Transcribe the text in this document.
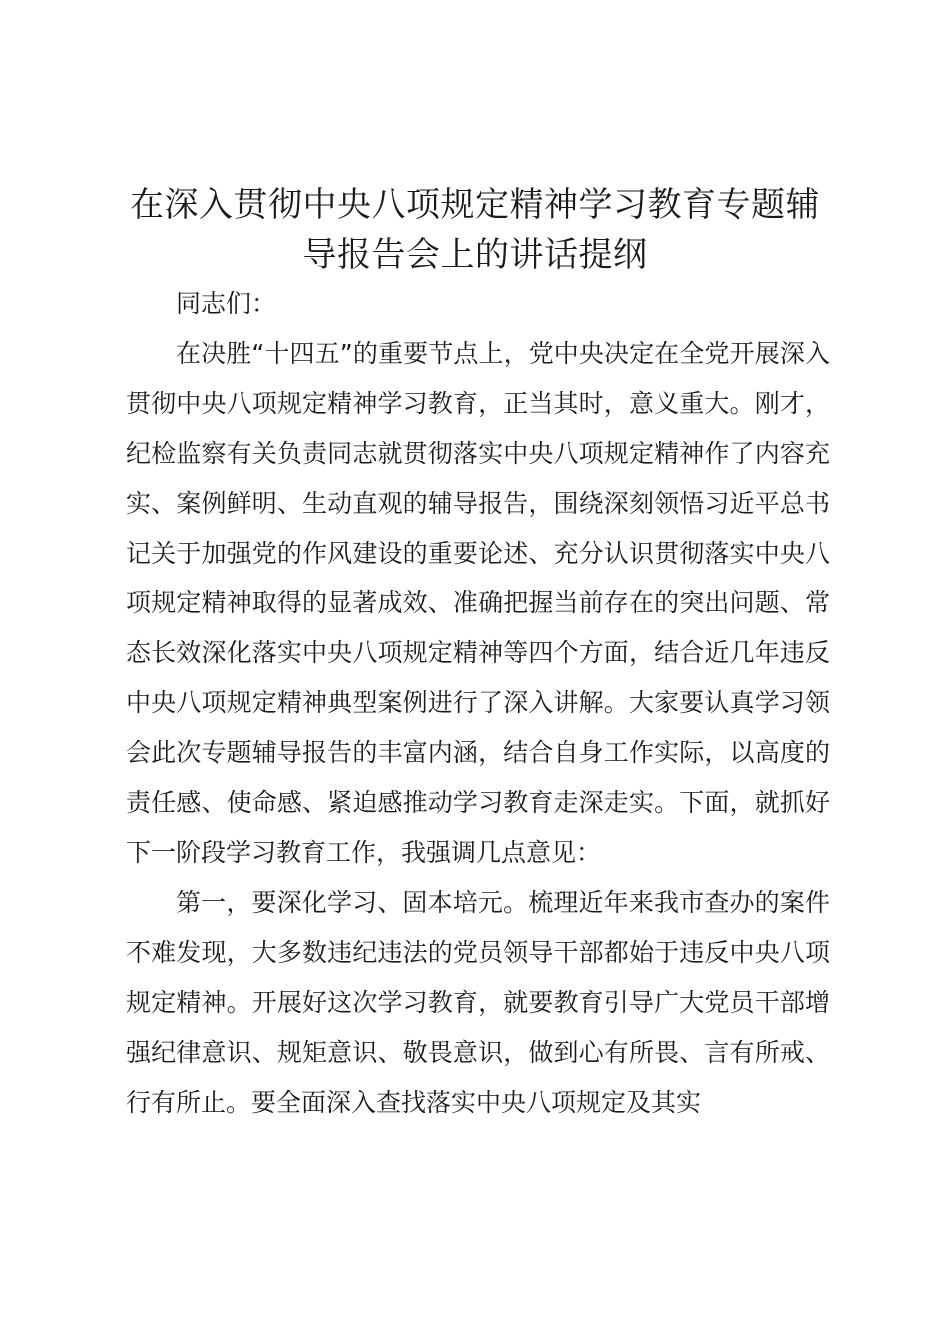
在深入贯彻中央八项规定精神学习教育专题辅导报告会上的讲话提纲

同志们：

在决胜“十四五”的重要节点上，党中央决定在全党开展深入贯彻中央八项规定精神学习教育，正当其时，意义重大。刚才，纪检监察有关负责同志就贯彻落实中央八项规定精神作了内容充实、案例鲜明、生动直观的辅导报告，围绕深刻领悟习近平总书记关于加强党的作风建设的重要论述、充分认识贯彻落实中央八项规定精神取得的显著成效、准确把握当前存在的突出问题、常态长效深化落实中央八项规定精神等四个方面，结合近几年违反中央八项规定精神典型案例进行了深入讲解。大家要认真学习领会此次专题辅导报告的丰富内涵，结合自身工作实际，以高度的责任感、使命感、紧迫感推动学习教育走深走实。下面，就抓好下一阶段学习教育工作，我强调几点意见：

第一，要深化学习、固本培元。梳理近年来我市查办的案件不难发现，大多数违纪违法的党员领导干部都始于违反中央八项规定精神。开展好这次学习教育，就要教育引导广大党员干部增强纪律意识、规矩意识、敬畏意识，做到心有所畏、言有所戒、行有所止。要全面深入查找落实中央八项规定及其实
